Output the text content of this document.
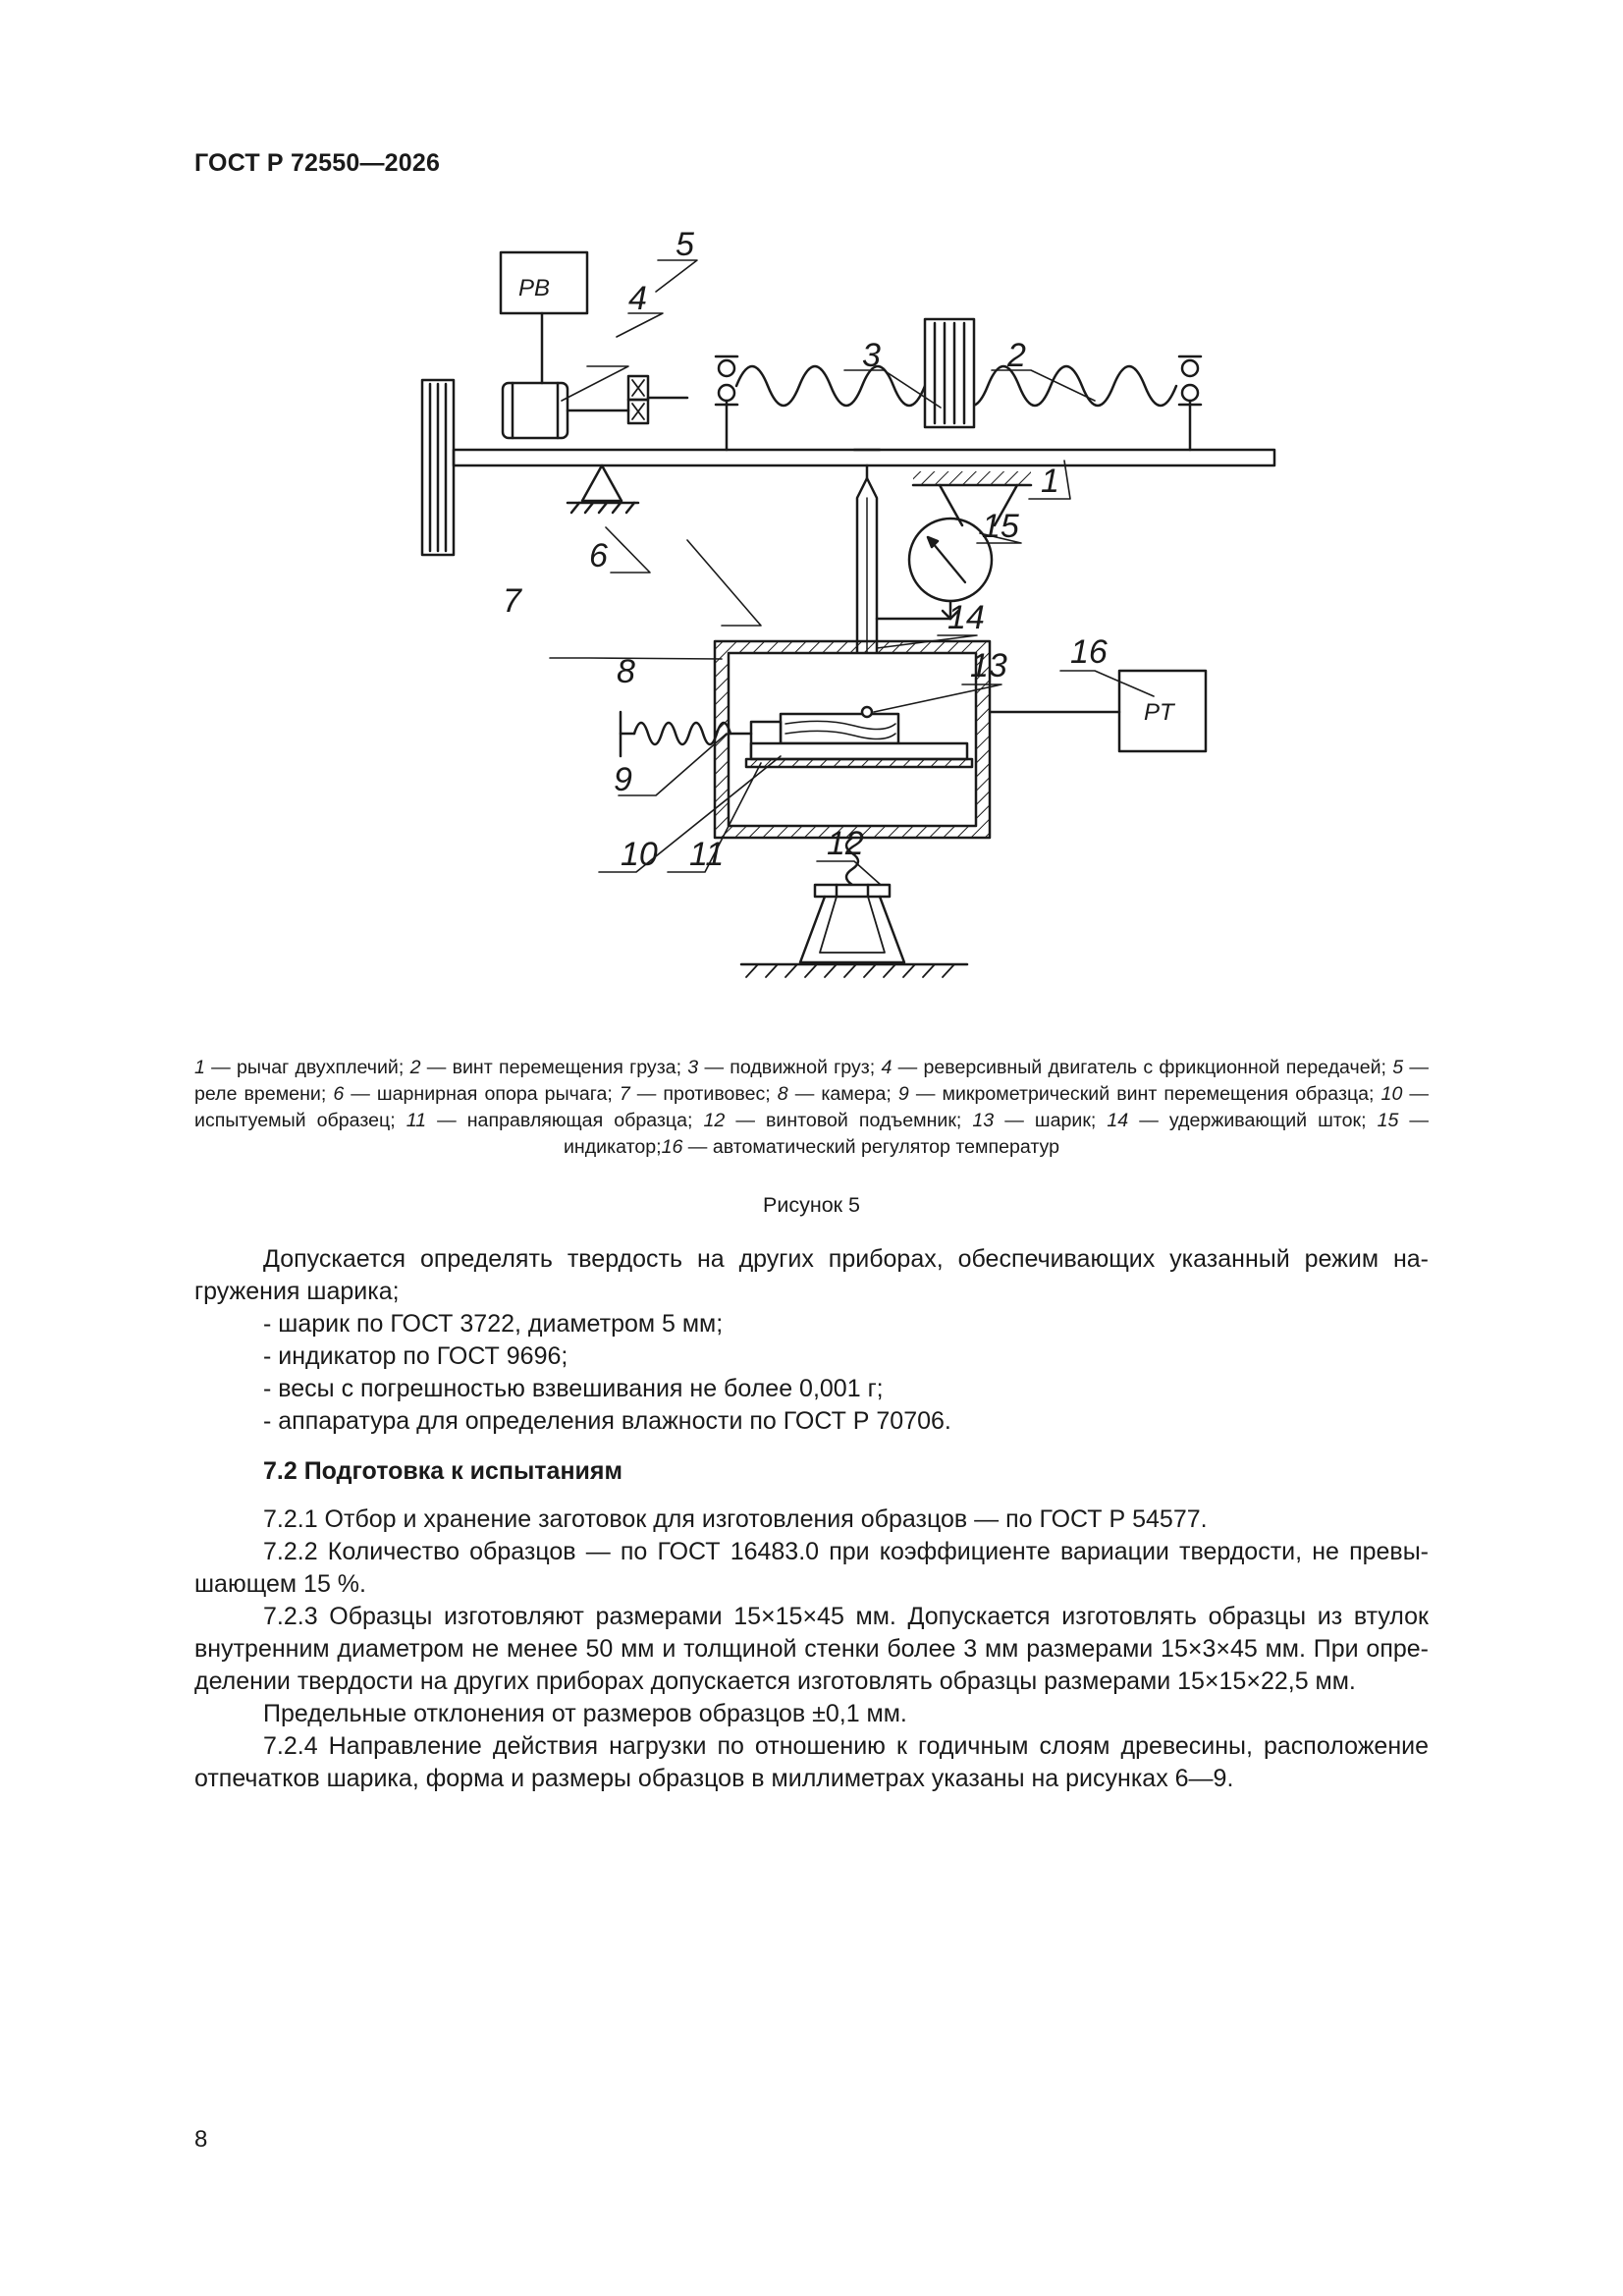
ГОСТ Р 72550—2026
PB
PT
5
4
3	2
1
6
15
14
7
8
16
13
9
10 11	12
1 — рычаг двухплечий; 2 — винт перемещения груза; 3 — подвижной груз; 4 — реверсивный двигатель с фрикционной передачей; 5 — реле времени; 6 — шарнирная опора рычага; 7 — противовес; 8 — камера; 9 — микрометрический винт перемещения образца; 10 — испытуемый образец; 11 — направляющая образца; 12 — винтовой подъемник; 13 — шарик; 14 — удерживающий шток; 15 — индикатор;16 — автоматический регулятор температур
Рисунок 5

Допускается определять твердость на других приборах, обеспечивающих указанный режим нагружения шарика;

- шарик по ГОСТ 3722, диаметром 5 мм;

- индикатор по ГОСТ 9696;

- весы с погрешностью взвешивания не более 0,001 г;

- аппаратура для определения влажности по ГОСТ Р 70706.

7.2 Подготовка к испытаниям

7.2.1 Отбор и хранение заготовок для изготовления образцов — по ГОСТ Р 54577.

7.2.2 Количество образцов — по ГОСТ 16483.0 при коэффициенте вариации твердости, не превышающем 15 %.

7.2.3 Образцы изготовляют размерами 15×15×45 мм. Допускается изготовлять образцы из втулок внутренним диаметром не менее 50 мм и толщиной стенки более 3 мм размерами 15×3×45 мм. При определении твердости на других приборах допускается изготовлять образцы размерами 15×15×22,5 мм.

Предельные отклонения от размеров образцов ±0,1 мм.

7.2.4 Направление действия нагрузки по отношению к годичным слоям древесины, расположение отпечатков шарика, форма и размеры образцов в миллиметрах указаны на рисунках 6—9.

8
